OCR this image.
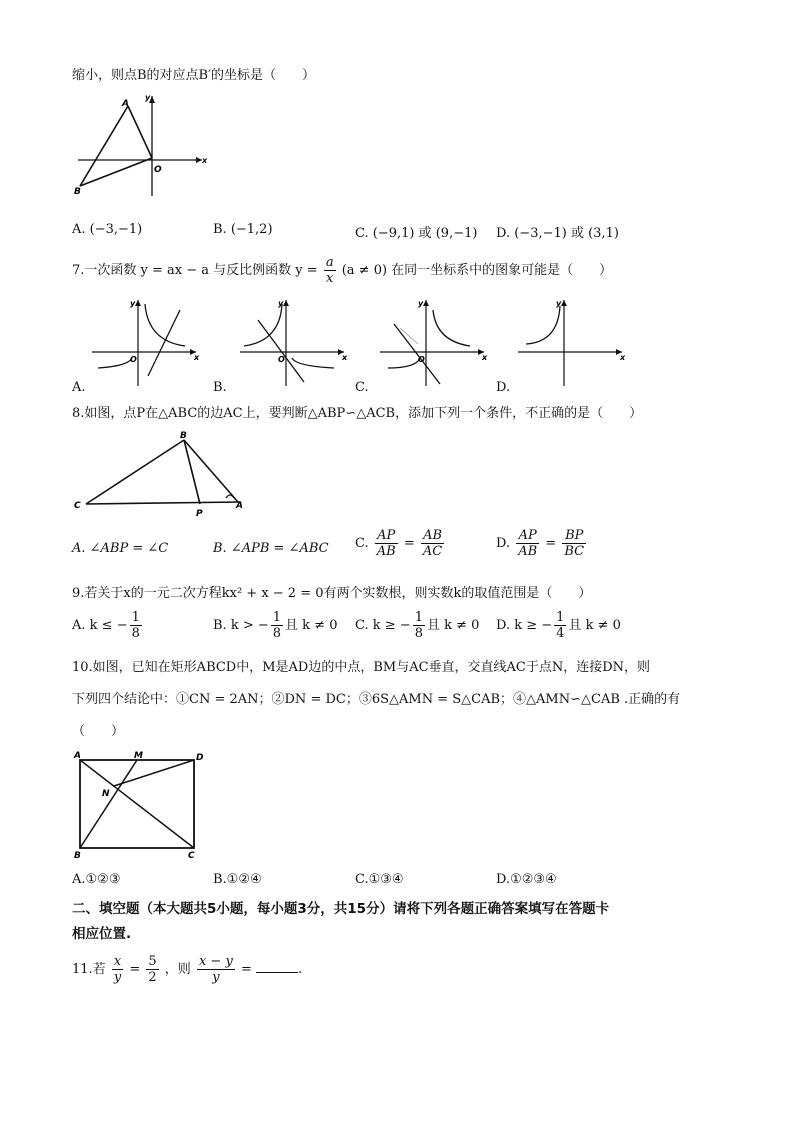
缩小，则点B的对应点B′的坐标是（　　）
A
B
O
x
y
A. (−3,−1)	B. (−1,2)	C. (−9,1) 或 (9,−1) D. (−3,−1) 或 (3,1)
7.一次函数 y = ax − a 与反比例函数 $y = \frac{a}{x} (a \ne 0)$ 在同一坐标系中的图象可能是（　　）
y
x
O
y
x
O
y
x
O
y
x
A.	B.	C.	D.
8.如图，点P在△ABC的边AC上，要判断△ABP∽△ACB，添加下列一个条件，不正确的是（　　）
B
C
P
A
A. ∠ABP = ∠C	B. ∠APB = ∠ABC C. $\frac{AP}{AB} = \frac{AB}{AC}$	D. $\frac{AP}{AB} = \frac{BP}{BC}$
9.若关于x的一元二次方程kx² + x − 2 = 0有两个实数根，则实数k的取值范围是（　　）
A. k ≤ − $\frac{1}{8}$	B. k > − $\frac{1}{8}$ 且 k ≠ 0 C. k ≥ − $\frac{1}{8}$ 且 k ≠ 0 D. k ≥ − $\frac{1}{4}$ 且 k ≠ 0
10.如图，已知在矩形ABCD中，M是AD边的中点，BM与AC垂直，交直线AC于点N，连接DN，则
下列四个结论中：①CN = 2AN；②DN = DC；③6S△AMN = S△CAB；④△AMN∽△CAB .正确的有
（　　）
A	D
B	C
M
N
A.①②③	B.①②④	C.①③④	D.①②③④
二、填空题（本大题共5小题，每小题3分，共15分）请将下列各题正确答案填写在答题卡
相应位置.
11.若 $\frac{x}{y} = \frac{5}{2}$ ，则 $\frac{x - y}{y}$ =	.
